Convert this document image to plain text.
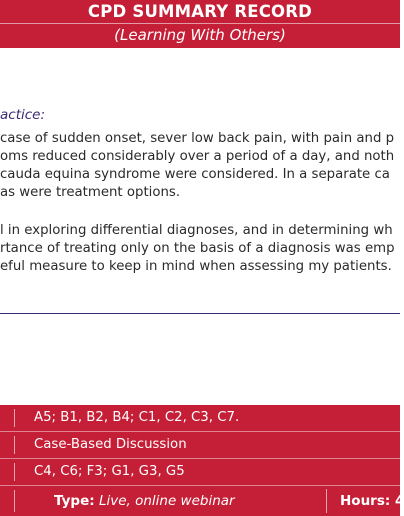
CPD SUMMARY RECORD
(Learning With Others)
actice:
case of sudden onset, sever low back pain, with pain and p
oms reduced considerably over a period of a day, and noth
cauda equina syndrome were considered. In a separate ca
as were treatment options.
l in exploring differential diagnoses, and in determining wh
rtance of treating only on the basis of a diagnosis was emp
eful measure to keep in mind when assessing my patients.
A5; B1, B2, B4; C1, C2, C3, C7.
Case-Based Discussion
C4, C6; F3; G1, G3, G5
Type: Live, online webinar	Hours: 4
